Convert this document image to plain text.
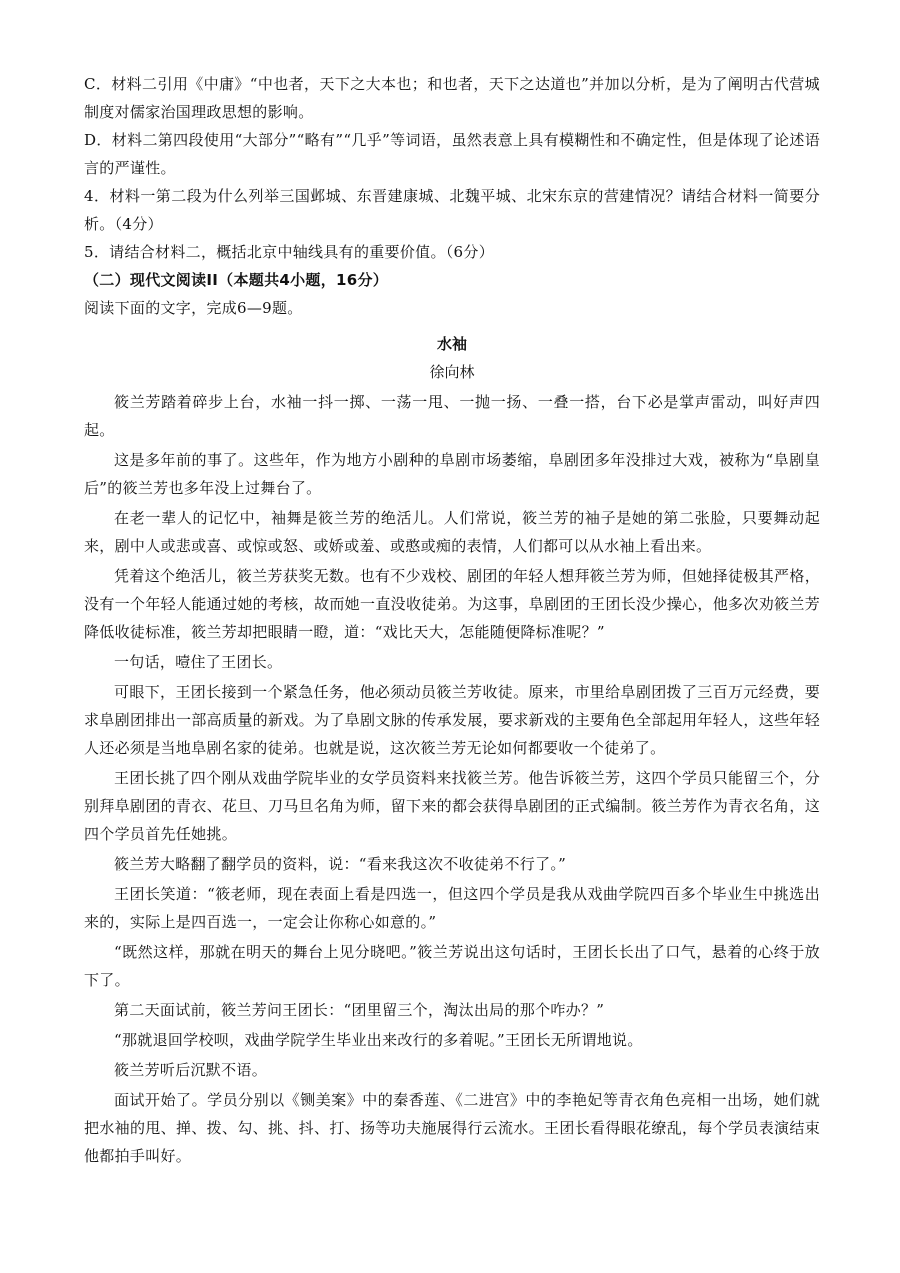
C．材料二引用《中庸》“中也者，天下之大本也；和也者，天下之达道也”并加以分析，是为了阐明古代营城制度对儒家治国理政思想的影响。

D．材料二第四段使用“大部分”“略有”“几乎”等词语，虽然表意上具有模糊性和不确定性，但是体现了论述语言的严谨性。

4．材料一第二段为什么列举三国邺城、东晋建康城、北魏平城、北宋东京的营建情况？请结合材料一简要分析。（4分）

5．请结合材料二，概括北京中轴线具有的重要价值。（6分）

（二）现代文阅读II（本题共4小题，16分）

阅读下面的文字，完成6—9题。

水袖
徐向林

筱兰芳踏着碎步上台，水袖一抖一掷、一荡一甩、一抛一扬、一叠一搭，台下必是掌声雷动，叫好声四起。

这是多年前的事了。这些年，作为地方小剧种的阜剧市场萎缩，阜剧团多年没排过大戏，被称为“阜剧皇后”的筱兰芳也多年没上过舞台了。

在老一辈人的记忆中，袖舞是筱兰芳的绝活儿。人们常说，筱兰芳的袖子是她的第二张脸，只要舞动起来，剧中人或悲或喜、或惊或怒、或娇或羞、或憨或痴的表情，人们都可以从水袖上看出来。

凭着这个绝活儿，筱兰芳获奖无数。也有不少戏校、剧团的年轻人想拜筱兰芳为师，但她择徒极其严格，没有一个年轻人能通过她的考核，故而她一直没收徒弟。为这事，阜剧团的王团长没少操心，他多次劝筱兰芳降低收徒标准，筱兰芳却把眼睛一瞪，道：“戏比天大，怎能随便降标准呢？”

一句话，噎住了王团长。

可眼下，王团长接到一个紧急任务，他必须动员筱兰芳收徒。原来，市里给阜剧团拨了三百万元经费，要求阜剧团排出一部高质量的新戏。为了阜剧文脉的传承发展，要求新戏的主要角色全部起用年轻人，这些年轻人还必须是当地阜剧名家的徒弟。也就是说，这次筱兰芳无论如何都要收一个徒弟了。

王团长挑了四个刚从戏曲学院毕业的女学员资料来找筱兰芳。他告诉筱兰芳，这四个学员只能留三个，分别拜阜剧团的青衣、花旦、刀马旦名角为师，留下来的都会获得阜剧团的正式编制。筱兰芳作为青衣名角，这四个学员首先任她挑。

筱兰芳大略翻了翻学员的资料，说：“看来我这次不收徒弟不行了。”

王团长笑道：“筱老师，现在表面上看是四选一，但这四个学员是我从戏曲学院四百多个毕业生中挑选出来的，实际上是四百选一，一定会让你称心如意的。”

“既然这样，那就在明天的舞台上见分晓吧。”筱兰芳说出这句话时，王团长长出了口气，悬着的心终于放下了。

第二天面试前，筱兰芳问王团长：“团里留三个，淘汰出局的那个咋办？”

“那就退回学校呗，戏曲学院学生毕业出来改行的多着呢。”王团长无所谓地说。

筱兰芳听后沉默不语。

面试开始了。学员分别以《铡美案》中的秦香莲、《二进宫》中的李艳妃等青衣角色亮相一出场，她们就把水袖的甩、掸、拨、勾、挑、抖、打、扬等功夫施展得行云流水。王团长看得眼花缭乱，每个学员表演结束他都拍手叫好。
